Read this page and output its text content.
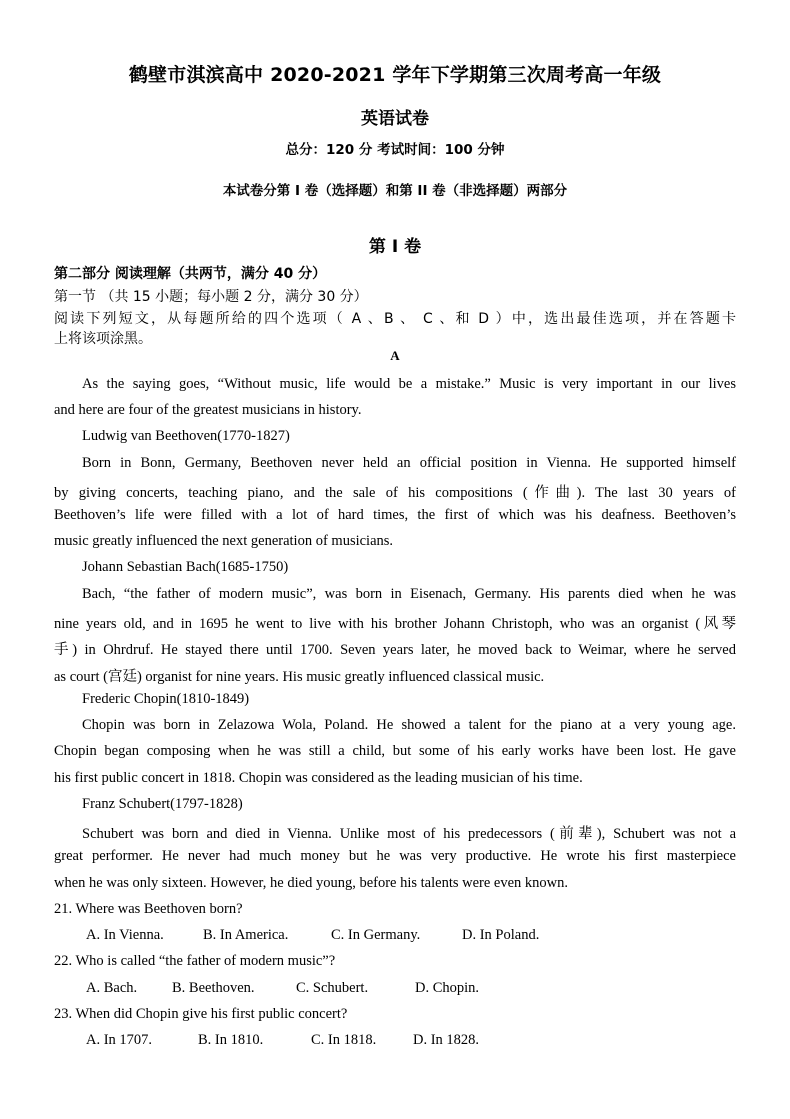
鹤壁市淇滨高中 2020-2021 学年下学期第三次周考高一年级
英语试卷
总分：120 分 考试时间：100 分钟
本试卷分第 I 卷（选择题）和第 II 卷（非选择题）两部分
第 I 卷
第二部分 阅读理解（共两节，满分 40 分）
第一节 （共 15 小题；每小题 2 分，满分 30 分）
阅读下列短文，从每题所给的四个选项（ A 、B 、 C 、和 D ）中，选出最佳选项，并在答题卡
上将该项涂黑。
A
As the saying goes, “Without music, life would be a mistake.” Music is very important in our lives
and here are four of the greatest musicians in history.
Ludwig van Beethoven(1770-1827)
Born in Bonn, Germany, Beethoven never held an official position in Vienna. He supported himself
by giving concerts, teaching piano, and the sale of his compositions (作曲). The last 30 years of
Beethoven’s life were filled with a lot of hard times, the first of which was his deafness. Beethoven’s
music greatly influenced the next generation of musicians.
Johann Sebastian Bach(1685-1750)
Bach, “the father of modern music”, was born in Eisenach, Germany. His parents died when he was
nine years old, and in 1695 he went to live with his brother Johann Christoph, who was an organist (风琴
手) in Ohrdruf. He stayed there until 1700. Seven years later, he moved back to Weimar, where he served
as court (宫廷) organist for nine years. His music greatly influenced classical music.
Frederic Chopin(1810-1849)
Chopin was born in Zelazowa Wola, Poland. He showed a talent for the piano at a very young age.
Chopin began composing when he was still a child, but some of his early works have been lost. He gave
his first public concert in 1818. Chopin was considered as the leading musician of his time.
Franz Schubert(1797-1828)
Schubert was born and died in Vienna. Unlike most of his predecessors (前辈), Schubert was not a
great performer. He never had much money but he was very productive. He wrote his first masterpiece
when he was only sixteen. However, he died young, before his talents were even known.
21. Where was Beethoven born?
A. In Vienna.	B. In America.	C. In Germany.	D. In Poland.
22. Who is called “the father of modern music”?
A. Bach. B. Beethoven.	C. Schubert.	D. Chopin.
23. When did Chopin give his first public concert?
A. In 1707.	B. In 1810.	C. In 1818.	D. In 1828.
